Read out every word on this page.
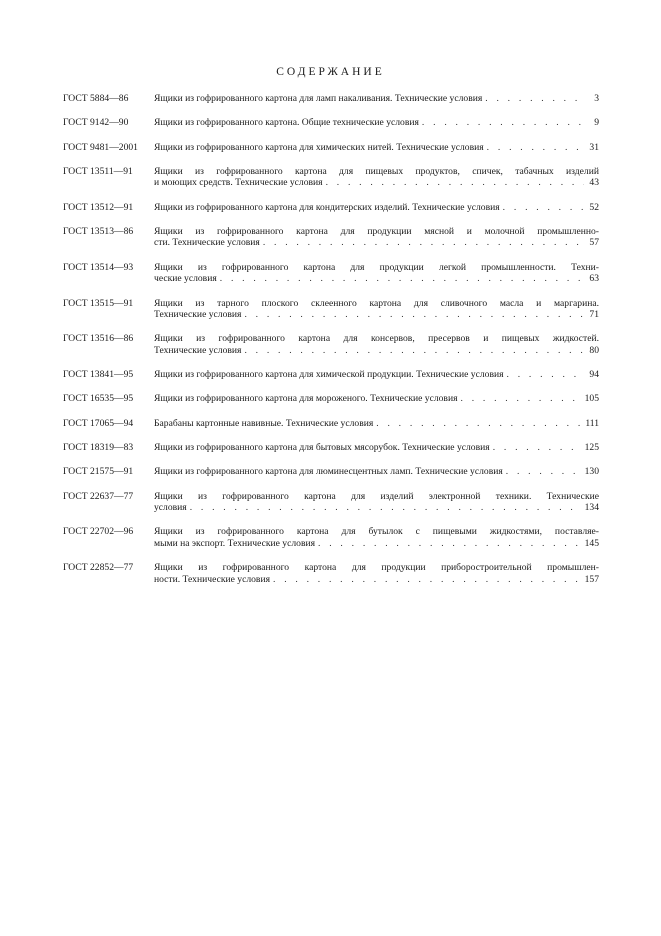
СОДЕРЖАНИЕ
ГОСТ 5884—86	Ящики из гофрированного картона для ламп накаливания. Технические условия . . .	3
ГОСТ 9142—90	Ящики из гофрированного картона. Общие технические условия . . .	9
ГОСТ 9481—2001	Ящики из гофрированного картона для химических нитей. Технические условия . . .	31
ГОСТ 13511—91	Ящики из гофрированного картона для пищевых продуктов, спичек, табачных изделий
и моющих средств. Технические условия . . .	43
ГОСТ 13512—91	Ящики из гофрированного картона для кондитерских изделий. Технические условия . . .	52
ГОСТ 13513—86	Ящики из гофрированного картона для продукции мясной и молочной промышленно-
сти. Технические условия . . .	57
ГОСТ 13514—93	Ящики из гофрированного картона для продукции легкой промышленности. Техни-
ческие условия . . .	63
ГОСТ 13515—91	Ящики из тарного плоского склеенного картона для сливочного масла и маргарина.
Технические условия . . .	71
ГОСТ 13516—86	Ящики из гофрированного картона для консервов, пресервов и пищевых жидкостей.
Технические условия . . .	80
ГОСТ 13841—95	Ящики из гофрированного картона для химической продукции. Технические условия . . .	94
ГОСТ 16535—95	Ящики из гофрированного картона для мороженого. Технические условия . . .	105
ГОСТ 17065—94	Барабаны картонные навивные. Технические условия . . .	111
ГОСТ 18319—83	Ящики из гофрированного картона для бытовых мясорубок. Технические условия . . .	125
ГОСТ 21575—91	Ящики из гофрированного картона для люминесцентных ламп. Технические условия . . .	130
ГОСТ 22637—77	Ящики из гофрированного картона для изделий электронной техники. Технические
условия . . .	134
ГОСТ 22702—96	Ящики из гофрированного картона для бутылок с пищевыми жидкостями, поставляе-
мыми на экспорт. Технические условия . . .	145
ГОСТ 22852—77	Ящики из гофрированного картона для продукции приборостроительной промышлен-
ности. Технические условия . . .	157
